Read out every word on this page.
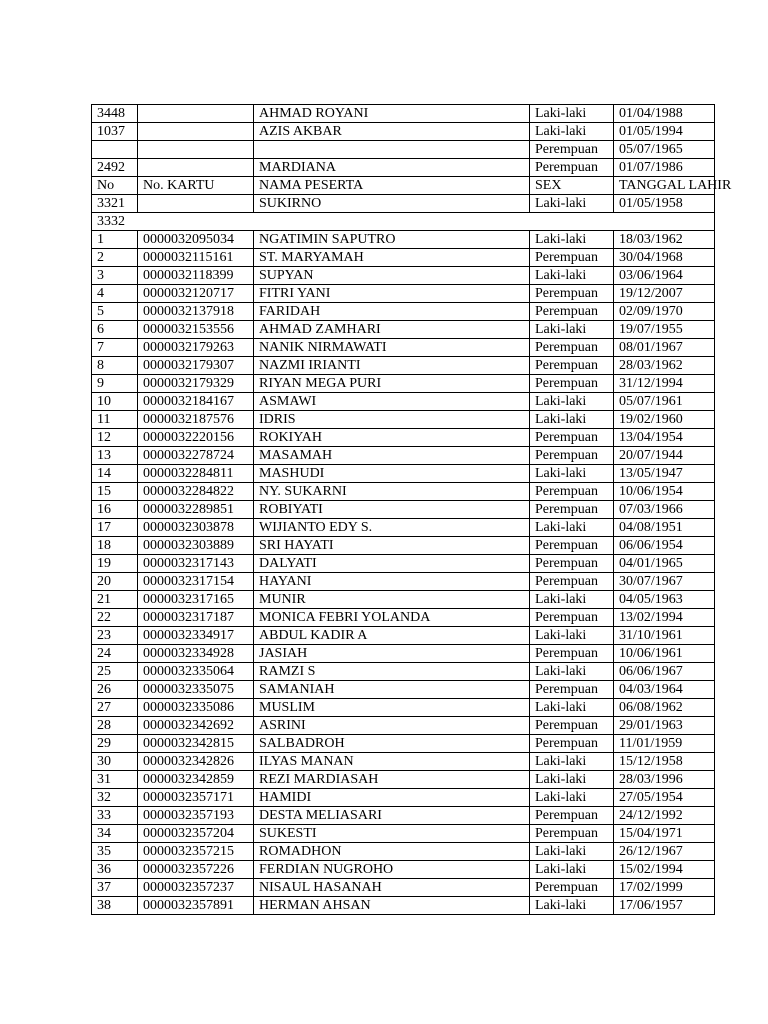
3448		AHMAD ROYANI	Laki-laki	01/04/1988
1037		AZIS AKBAR	Laki-laki	01/05/1994
			Perempuan	05/07/1965
2492		MARDIANA	Perempuan	01/07/1986
No	No. KARTU	NAMA PESERTA	SEX	TANGGAL LAHIR
3321		SUKIRNO	Laki-laki	01/05/1958
3332				
1	0000032095034	NGATIMIN SAPUTRO	Laki-laki	18/03/1962
2	0000032115161	ST. MARYAMAH	Perempuan	30/04/1968
3	0000032118399	SUPYAN	Laki-laki	03/06/1964
4	0000032120717	FITRI YANI	Perempuan	19/12/2007
5	0000032137918	FARIDAH	Perempuan	02/09/1970
6	0000032153556	AHMAD ZAMHARI	Laki-laki	19/07/1955
7	0000032179263	NANIK NIRMAWATI	Perempuan	08/01/1967
8	0000032179307	NAZMI IRIANTI	Perempuan	28/03/1962
9	0000032179329	RIYAN MEGA PURI	Perempuan	31/12/1994
10	0000032184167	ASMAWI	Laki-laki	05/07/1961
11	0000032187576	IDRIS	Laki-laki	19/02/1960
12	0000032220156	ROKIYAH	Perempuan	13/04/1954
13	0000032278724	MASAMAH	Perempuan	20/07/1944
14	0000032284811	MASHUDI	Laki-laki	13/05/1947
15	0000032284822	NY. SUKARNI	Perempuan	10/06/1954
16	0000032289851	ROBIYATI	Perempuan	07/03/1966
17	0000032303878	WIJIANTO EDY S.	Laki-laki	04/08/1951
18	0000032303889	SRI HAYATI	Perempuan	06/06/1954
19	0000032317143	DALYATI	Perempuan	04/01/1965
20	0000032317154	HAYANI	Perempuan	30/07/1967
21	0000032317165	MUNIR	Laki-laki	04/05/1963
22	0000032317187	MONICA FEBRI YOLANDA	Perempuan	13/02/1994
23	0000032334917	ABDUL KADIR A	Laki-laki	31/10/1961
24	0000032334928	JASIAH	Perempuan	10/06/1961
25	0000032335064	RAMZI S	Laki-laki	06/06/1967
26	0000032335075	SAMANIAH	Perempuan	04/03/1964
27	0000032335086	MUSLIM	Laki-laki	06/08/1962
28	0000032342692	ASRINI	Perempuan	29/01/1963
29	0000032342815	SALBADROH	Perempuan	11/01/1959
30	0000032342826	ILYAS MANAN	Laki-laki	15/12/1958
31	0000032342859	REZI MARDIASAH	Laki-laki	28/03/1996
32	0000032357171	HAMIDI	Laki-laki	27/05/1954
33	0000032357193	DESTA MELIASARI	Perempuan	24/12/1992
34	0000032357204	SUKESTI	Perempuan	15/04/1971
35	0000032357215	ROMADHON	Laki-laki	26/12/1967
36	0000032357226	FERDIAN NUGROHO	Laki-laki	15/02/1994
37	0000032357237	NISAUL HASANAH	Perempuan	17/02/1999
38	0000032357891	HERMAN AHSAN	Laki-laki	17/06/1957
